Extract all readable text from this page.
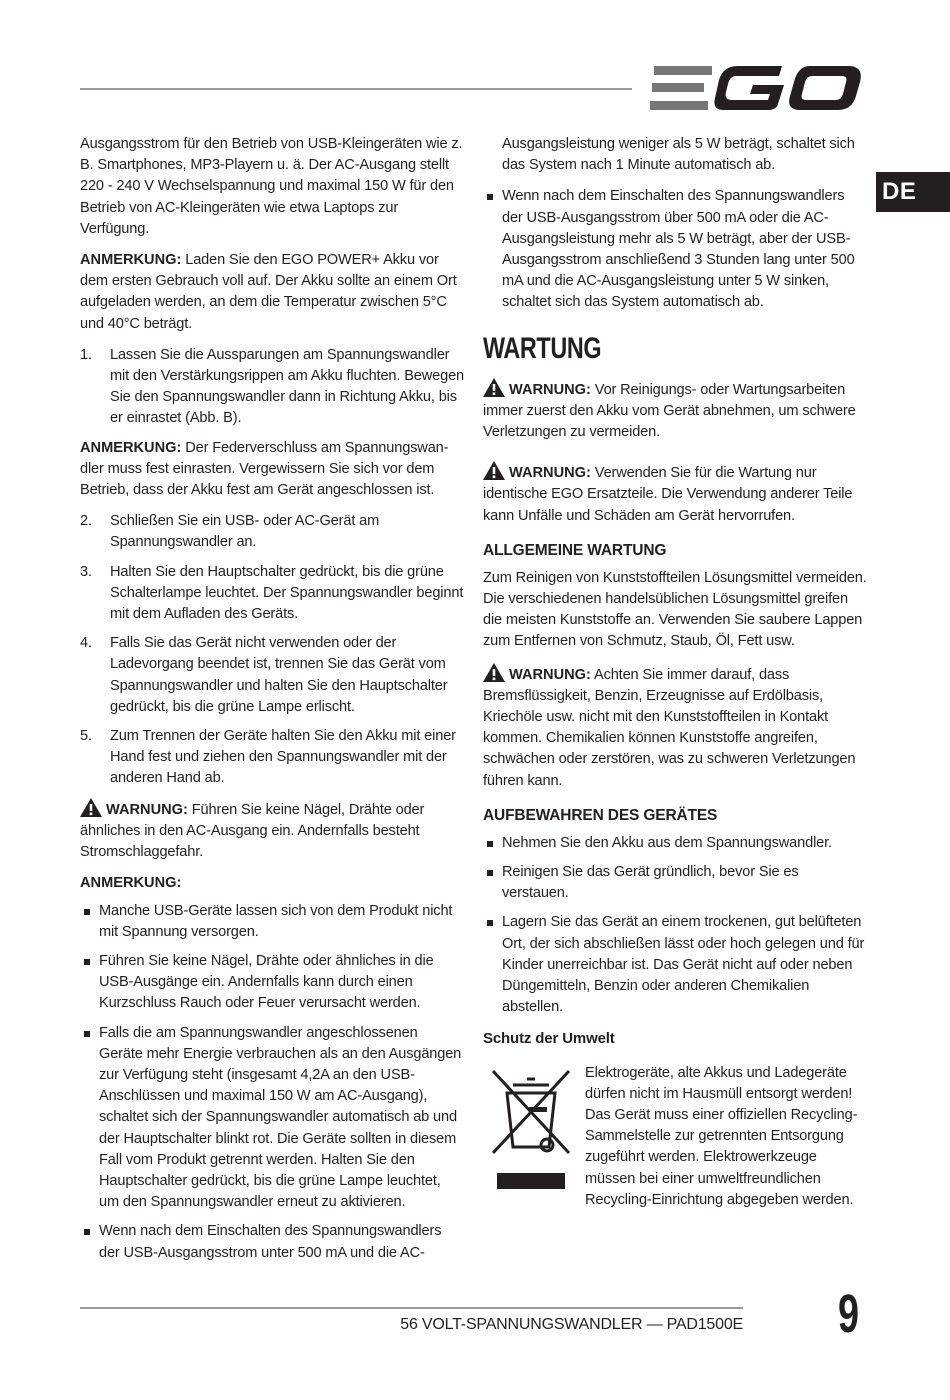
DE

Ausgangsstrom für den Betrieb von USB-Kleingeräten wie z. B. Smartphones, MP3-Playern u. ä. Der AC-Ausgang stellt 220 - 240 V Wechselspannung und maximal 150 W für den Betrieb von AC-Kleingeräten wie etwa Laptops zur Verfügung.

ANMERKUNG: Laden Sie den EGO POWER+ Akku vor dem ersten Gebrauch voll auf. Der Akku sollte an einem Ort aufgeladen werden, an dem die Temperatur zwischen 5°C und 40°C beträgt.

1. Lassen Sie die Aussparungen am Spannungswandler mit den Verstärkungsrippen am Akku fluchten. Bewegen Sie den Spannungswandler dann in Richtung Akku, bis er einrastet (Abb. B).

ANMERKUNG: Der Federverschluss am Spannungswandler muss fest einrasten. Vergewissern Sie sich vor dem Betrieb, dass der Akku fest am Gerät angeschlossen ist.

2. Schließen Sie ein USB- oder AC-Gerät am Spannungswandler an.
3. Halten Sie den Hauptschalter gedrückt, bis die grüne Schalterlampe leuchtet. Der Spannungswandler beginnt mit dem Aufladen des Geräts.
4. Falls Sie das Gerät nicht verwenden oder der Ladevorgang beendet ist, trennen Sie das Gerät vom Spannungswandler und halten Sie den Hauptschalter gedrückt, bis die grüne Lampe erlischt.
5. Zum Trennen der Geräte halten Sie den Akku mit einer Hand fest und ziehen den Spannungswandler mit der anderen Hand ab.

WARNUNG: Führen Sie keine Nägel, Drähte oder ähnliches in den AC-Ausgang ein. Andernfalls besteht Stromschlaggefahr.

ANMERKUNG:

Manche USB-Geräte lassen sich von dem Produkt nicht mit Spannung versorgen.
Führen Sie keine Nägel, Drähte oder ähnliches in die USB-Ausgänge ein. Andernfalls kann durch einen Kurzschluss Rauch oder Feuer verursacht werden.
Falls die am Spannungswandler angeschlossenen Geräte mehr Energie verbrauchen als an den Ausgängen zur Verfügung steht (insgesamt 4,2A an den USB-Anschlüssen und maximal 150 W am AC-Ausgang), schaltet sich der Spannungswandler automatisch ab und der Hauptschalter blinkt rot. Die Geräte sollten in diesem Fall vom Produkt getrennt werden. Halten Sie den Hauptschalter gedrückt, bis die grüne Lampe leuchtet, um den Spannungswandler erneut zu aktivieren.
Wenn nach dem Einschalten des Spannungswandlers der USB-Ausgangsstrom unter 500 mA und die AC-

Ausgangsleistung weniger als 5 W beträgt, schaltet sich das System nach 1 Minute automatisch ab.

Wenn nach dem Einschalten des Spannungswandlers der USB-Ausgangsstrom über 500 mA oder die AC-Ausgangsleistung mehr als 5 W beträgt, aber der USB-Ausgangsstrom anschließend 3 Stunden lang unter 500 mA und die AC-Ausgangsleistung unter 5 W sinken, schaltet sich das System automatisch ab.
WARTUNG

WARNUNG: Vor Reinigungs- oder Wartungsarbeiten immer zuerst den Akku vom Gerät abnehmen, um schwere Verletzungen zu vermeiden.

WARNUNG: Verwenden Sie für die Wartung nur identische EGO Ersatzteile. Die Verwendung anderer Teile kann Unfälle und Schäden am Gerät hervorrufen.

ALLGEMEINE WARTUNG

Zum Reinigen von Kunststoffteilen Lösungsmittel vermeiden. Die verschiedenen handelsüblichen Lösungsmittel greifen die meisten Kunststoffe an. Verwenden Sie saubere Lappen zum Entfernen von Schmutz, Staub, Öl, Fett usw.

WARNUNG: Achten Sie immer darauf, dass Bremsflüssigkeit, Benzin, Erzeugnisse auf Erdölbasis, Kriechöle usw. nicht mit den Kunststoffteilen in Kontakt kommen. Chemikalien können Kunststoffe angreifen, schwächen oder zerstören, was zu schweren Verletzungen führen kann.

AUFBEWAHREN DES GERÄTES
Nehmen Sie den Akku aus dem Spannungswandler.
Reinigen Sie das Gerät gründlich, bevor Sie es verstauen.
Lagern Sie das Gerät an einem trockenen, gut belüfteten Ort, der sich abschließen lässt oder hoch gelegen und für Kinder unerreichbar ist. Das Gerät nicht auf oder neben Düngemitteln, Benzin oder anderen Chemikalien abstellen.
Schutz der Umwelt
Elektrogeräte, alte Akkus und Ladegeräte dürfen nicht im Hausmüll entsorgt werden! Das Gerät muss einer offiziellen Recycling-Sammelstelle zur getrennten Entsorgung zugeführt werden. Elektrowerkzeuge müssen bei einer umweltfreundlichen Recycling-Einrichtung abgegeben werden.
56 VOLT-SPANNUNGSWANDLER — PAD1500E 9
